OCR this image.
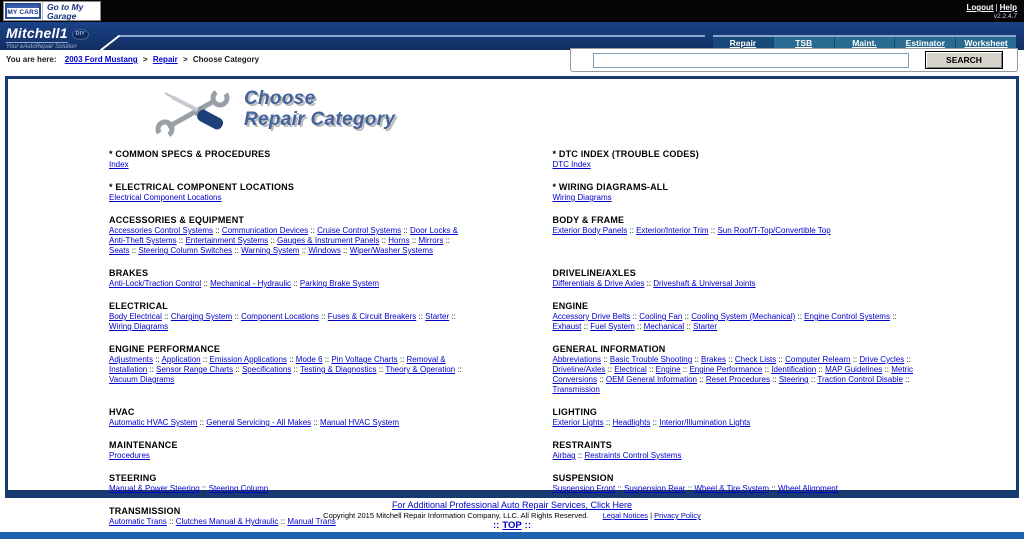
MY CARS
Go to My Garage
Logout | Help
v2.2.4.7
Mitchell1	DIY
Your eAutoRepair Solution	Repair	TSB	Maint.	Estimator	Worksheet
You are here: 2003 Ford Mustang > Repair > Choose Category	SEARCH
Choose
Repair Category
* COMMON SPECS & PROCEDURES
Index
* DTC INDEX (TROUBLE CODES)
DTC Index
* ELECTRICAL COMPONENT LOCATIONS
Electrical Component Locations
* WIRING DIAGRAMS-ALL
Wiring Diagrams
ACCESSORIES & EQUIPMENT
Accessories Control Systems :: Communication Devices :: Cruise Control Systems :: Door Locks & Anti-Theft Systems :: Entertainment Systems :: Gauges & Instrument Panels :: Horns :: Mirrors :: Seats :: Steering Column Switches :: Warning System :: Windows :: Wiper/Washer Systems
BODY & FRAME
Exterior Body Panels :: Exterior/Interior Trim :: Sun Roof/T-Top/Convertible Top
BRAKES
Anti-Lock/Traction Control :: Mechanical - Hydraulic :: Parking Brake System
DRIVELINE/AXLES
Differentials & Drive Axles :: Driveshaft & Universal Joints
ELECTRICAL
Body Electrical :: Charging System :: Component Locations :: Fuses & Circuit Breakers :: Starter :: Wiring Diagrams
ENGINE
Accessory Drive Belts :: Cooling Fan :: Cooling System (Mechanical) :: Engine Control Systems :: Exhaust :: Fuel System :: Mechanical :: Starter
ENGINE PERFORMANCE
Adjustments :: Application :: Emission Applications :: Mode 6 :: Pin Voltage Charts :: Removal & Installation :: Sensor Range Charts :: Specifications :: Testing & Diagnostics :: Theory & Operation :: Vacuum Diagrams
GENERAL INFORMATION
Abbreviations :: Basic Trouble Shooting :: Brakes :: Check Lists :: Computer Relearn :: Drive Cycles :: Driveline/Axles :: Electrical :: Engine :: Engine Performance :: Identification :: MAP Guidelines :: Metric Conversions :: OEM General Information :: Reset Procedures :: Steering :: Traction Control Disable :: Transmission
HVAC
Automatic HVAC System :: General Servicing - All Makes :: Manual HVAC System
LIGHTING
Exterior Lights :: Headlights :: Interior/Illumination Lights
MAINTENANCE
Procedures
RESTRAINTS
Airbag :: Restraints Control Systems
STEERING
Manual & Power Steering :: Steering Column
SUSPENSION
Suspension Front :: Suspension Rear :: Wheel & Tire System :: Wheel Alignment
TRANSMISSION
Automatic Trans :: Clutches Manual & Hydraulic :: Manual Trans
For Additional Professional Auto Repair Services, Click Here
Copyright 2015 Mitchell Repair Information Company, LLC. All Rights Reserved. Legal Notices | Privacy Policy
:: TOP ::
